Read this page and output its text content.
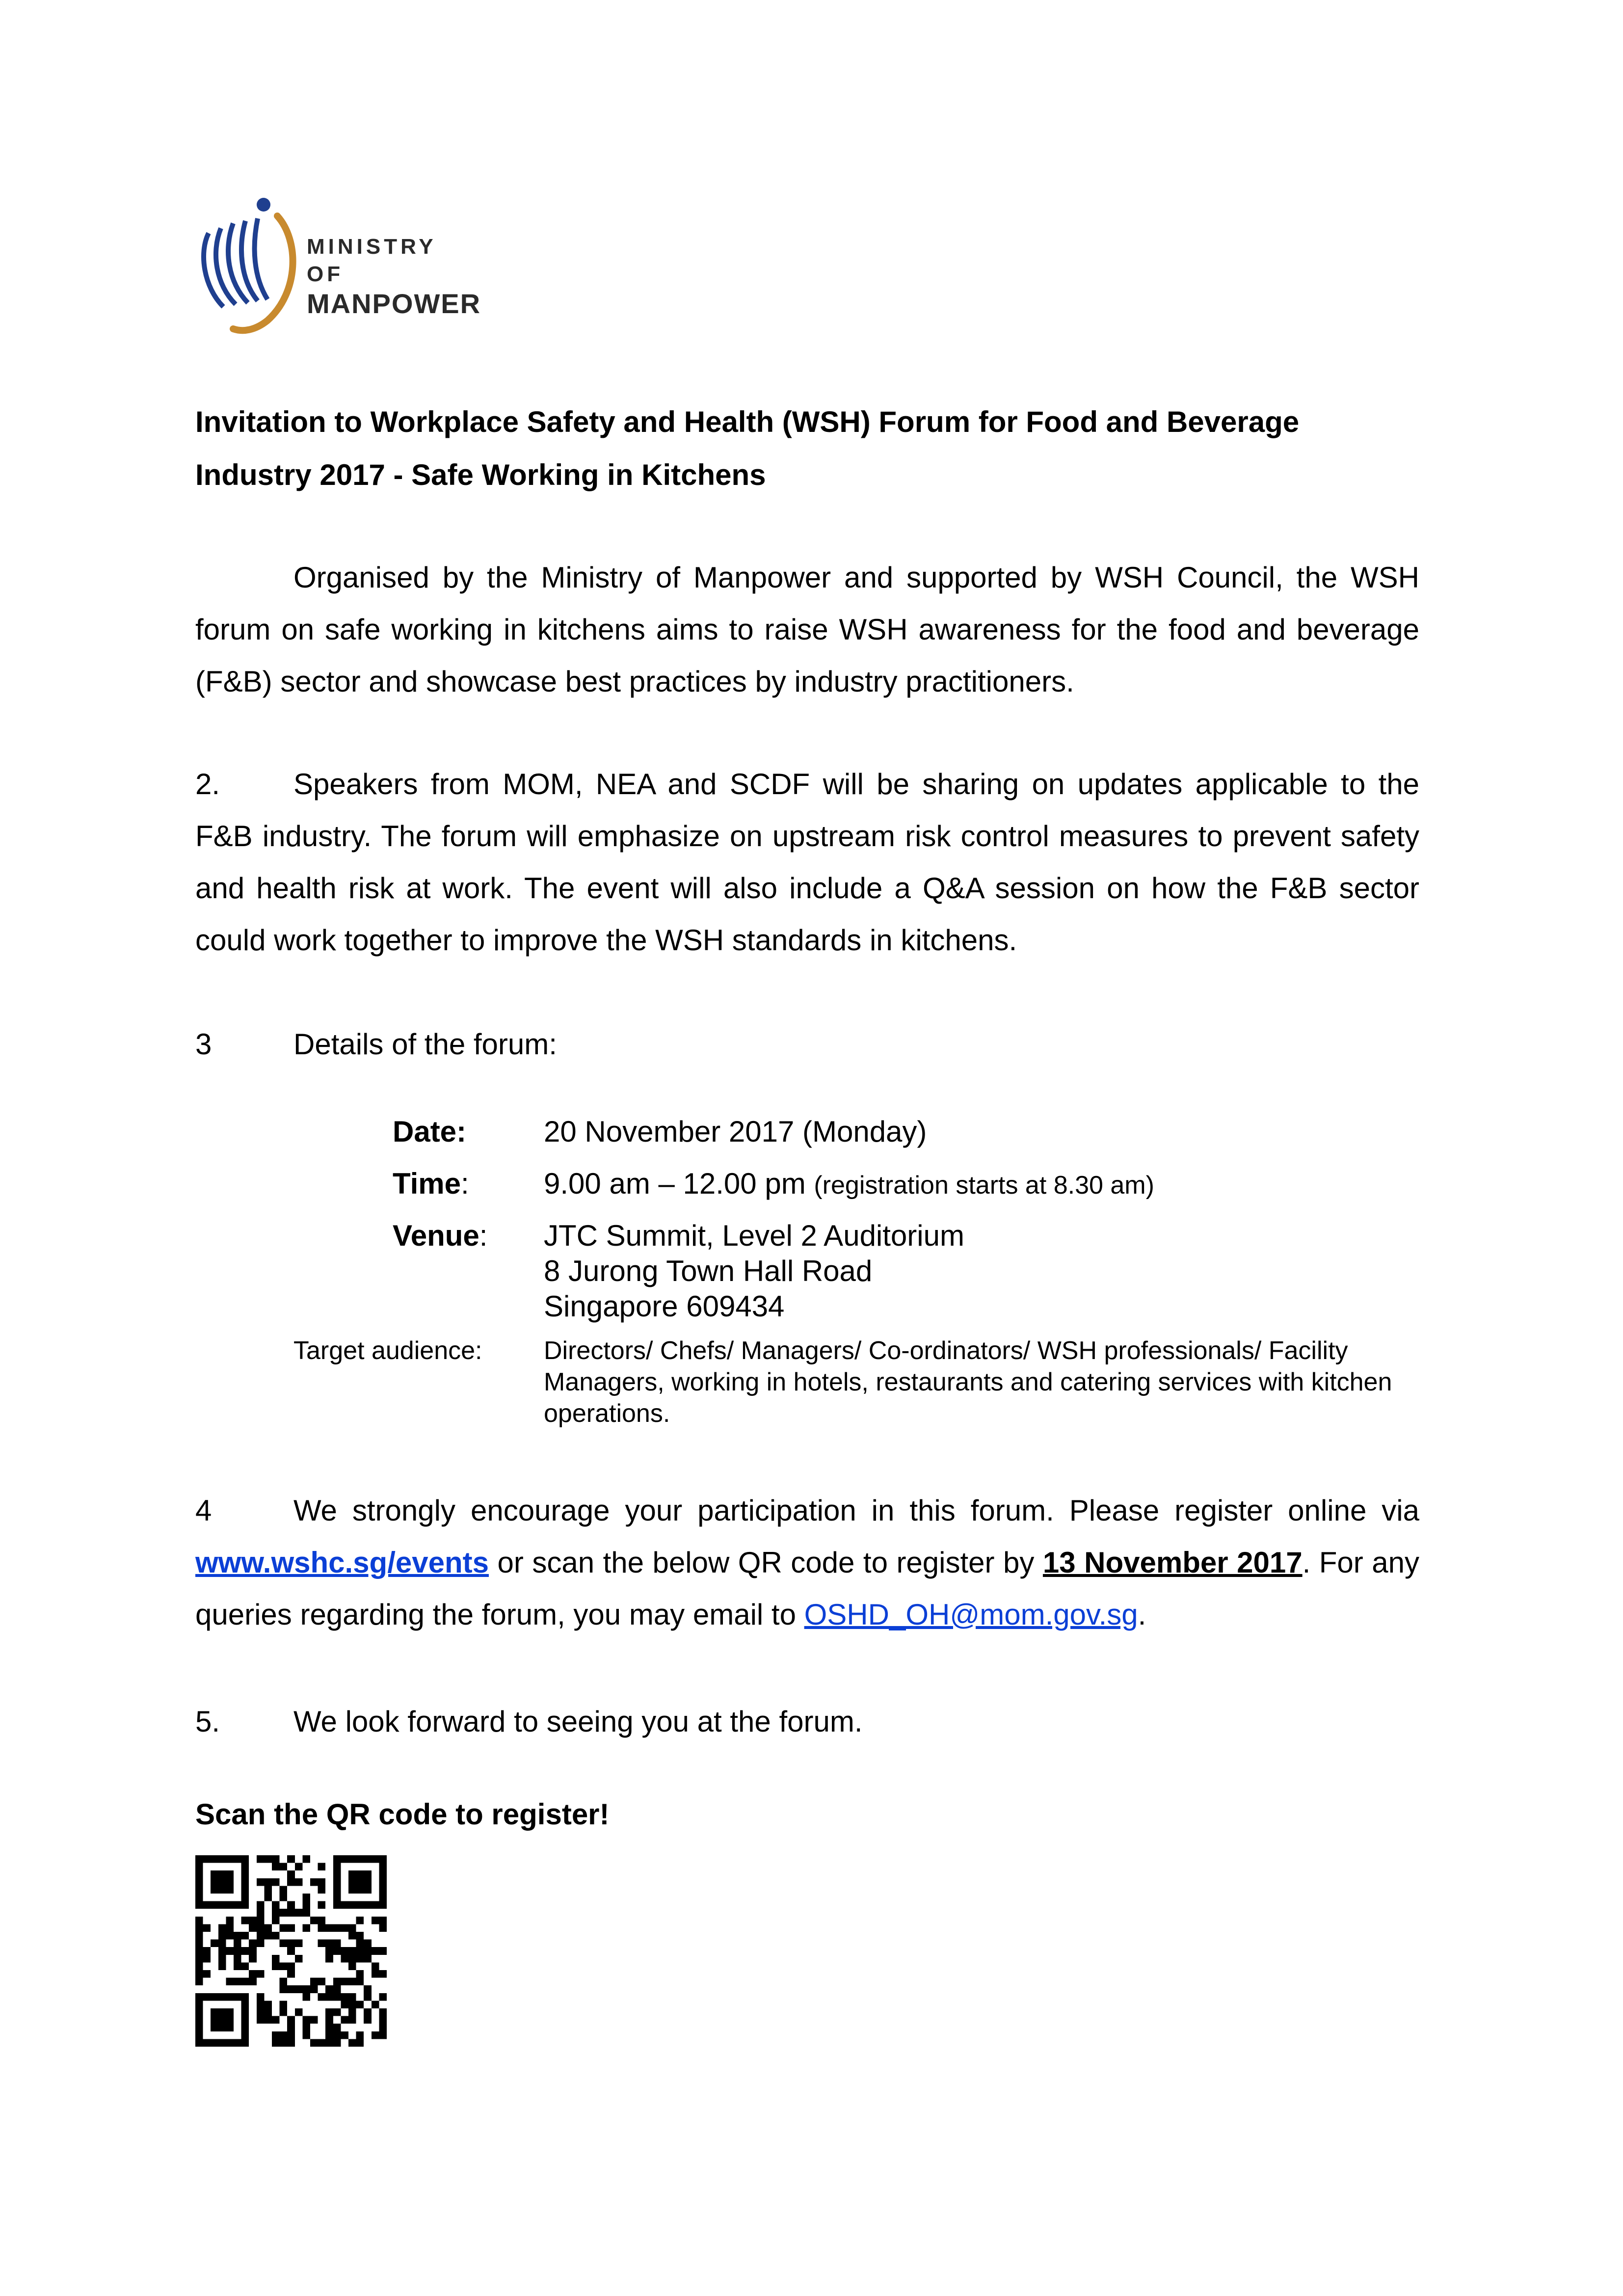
MINISTRY OF
MANPOWER
Invitation to Workplace Safety and Health (WSH) Forum for Food and Beverage Industry 2017 - Safe Working in Kitchens
Organised by the Ministry of Manpower and supported by WSH Council, the WSH forum on safe working in kitchens aims to raise WSH awareness for the food and beverage (F&B) sector and showcase best practices by industry practitioners.
2. Speakers from MOM, NEA and SCDF will be sharing on updates applicable to the F&B industry. The forum will emphasize on upstream risk control measures to prevent safety and health risk at work. The event will also include a Q&A session on how the F&B sector could work together to improve the WSH standards in kitchens.
3	Details of the forum:
Date:	20 November 2017 (Monday)
Time:	9.00 am – 12.00 pm (registration starts at 8.30 am)
Venue: JTC Summit, Level 2 Auditorium
8 Jurong Town Hall Road
Singapore 609434
Target audience: Directors/ Chefs/ Managers/ Co-ordinators/ WSH professionals/ Facility Managers, working in hotels, restaurants and catering services with kitchen operations.
4	We strongly encourage your participation in this forum. Please register online via www.wshc.sg/events or scan the below QR code to register by 13 November 2017. For any queries regarding the forum, you may email to OSHD_OH@mom.gov.sg.
5. We look forward to seeing you at the forum.
Scan the QR code to register!
